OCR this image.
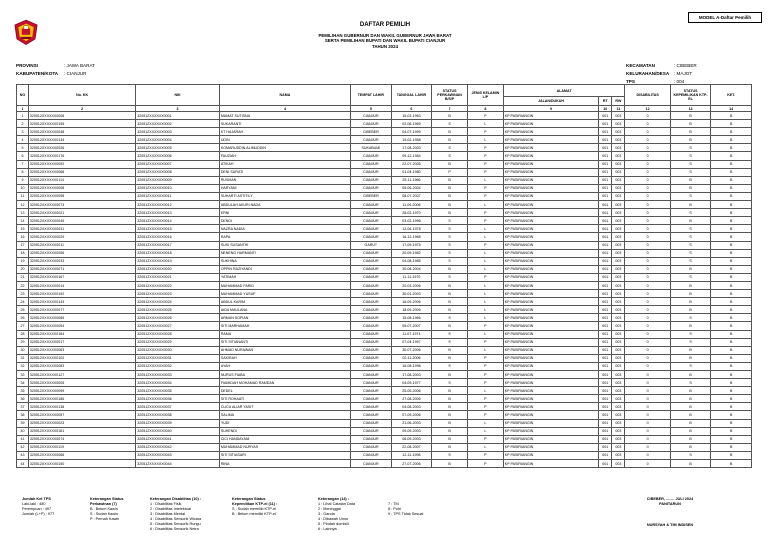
MODEL A-Daftar Pemilih
DAFTAR PEMILIH
PEMILIHAN GUBERNUR DAN WAKIL GUBERNUR JAWA BARAT
SERTA PEMILIHAN BUPATI DAN WAKIL BUPATI CIANJUR
TAHUN 2024
PROVINSI	: JAWA BARAT
KABUPATEN/KOTA	: CIANJUR
KECAMATAN	: CIBEBER
KELURAHAN/DESA	: MAJOT
TPS	: 004
NO	No. KK	NIK	NAMA	TEMPAT LAHIR	TANGGAL LAHIR	STATUS PERKAWINAN B/S/P	JENIS KELAMIN L/P	ALAMAT			DISABILITAS	STATUS KEPEMILIKAN KTP-EL	KET.
								JALAN/DUKUH	RT	RW			
1	2	3	4	5	6	7	8	9	10	11	12	13	14
1	320512XXXXXX0008	320512XXXXXX0001	MAMAT SUTISNA	CIANJUR	15-03-1963	B	P	KP PASIRIANGIN	001	003	0	B	B
2	320512XXXXXX0155	320512XXXXXX0002	SUKARANTI	CIANJUR	02-06-1969	S	L	KP PASIRIANGIN	001	003	0	B	B
3	320512XXXXXX0048	320512XXXXXX0003	KT HAJARAH	CIBEBER	04-07-1999	B	P	KP PASIRIANGIN	001	003	0	B	B
4	320512XXXXXX0134	320512XXXXXX0004	UDIN	CIANJUR	19-02-1958	B	L	KP PASIRIANGIN	001	003	0	B	B
5	320512XXXXXX0026	320512XXXXXX0005	KOMARUDDIN ALIMUDDIN	SUKABUMI	17-08-2003	S	P	KP PASIRIANGIN	001	003	0	S	B
6	320512XXXXXX0176	320512XXXXXX0006	FAUZIAH	CIANJUR	09-12-1984	S	P	KP PASIRIANGIN	001	003	0	S	B
7	320512XXXXXX0092	320512XXXXXX0007	ATIKAH	CIANJUR	22-07-2005	B	P	KP PASIRIANGIN	001	003	0	S	B
8	320512XXXXXX0068	320512XXXXXX0008	DENI SURATI	CIANJUR	01-04-1980	P	P	KP PASIRIANGIN	001	003	0	S	B
9	320512XXXXXX0114	320512XXXXXX0009	RUSMAN	CIANJUR	25-11-1966	B	L	KP PASIRIANGIN	001	003	0	B	B
10	320512XXXXXX0008	320512XXXXXX0010	HARYANI	CIANJUR	05-06-2004	B	P	KP PASIRIANGIN	001	003	0	B	B
11	320512XXXXXX0098	320512XXXXXX0011	SUHARTI ASTITILY	CIBEBER	08-07-2007	B	P	KP PASIRIANGIN	001	003	0	S	B
12	320512XXXXXX0073	320512XXXXXX0012	ABDULAH AKURI NADA	CIANJUR	11-09-2006	B	L	KP PASIRIANGIN	001	003	0	B	B
13	320512XXXXXX0021	320512XXXXXX0013	ERNI	CIANJUR	28-02-1970	B	P	KP PASIRIANGIN	001	003	0	S	B
14	320512XXXXXX0045	320512XXXXXX0014	DENDI	CIANJUR	03-02-1996	S	P	KP PASIRIANGIN	001	003	0	B	B
15	320512XXXXXX0031	320512XXXXXX0015	NAZRA NADIA	CIANJUR	12-06-1978	S	L	KP PASIRIANGIN	001	003	0	S	B
16	320512XXXXXX0029	320512XXXXXX0016	RAPA	CIANJUR	16-12-1968	S	L	KP PASIRIANGIN	001	003	0	S	B
17	320512XXXXXX0011	320512XXXXXX0017	SUSI SUSANTHI	GARUT	17-09-1975	S	P	KP PASIRIANGIN	001	003	0	S	B
18	320512XXXXXX0056	320512XXXXXX0018	NENENG HARMANTI	CIANJUR	20-09-1982	S	L	KP PASIRIANGIN	001	003	0	S	B
19	320512XXXXXX0033	320512XXXXXX0019	SUKHINA	CIANJUR	04-08-1985	S	L	KP PASIRIANGIN	001	003	0	S	B
20	320512XXXXXX0071	320512XXXXXX0020	OPPIN RAZIYANDI	CIANJUR	30-08-2004	B	L	KP PASIRIANGIN	001	003	0	B	B
21	320512XXXXXX0167	320512XXXXXX0021	YATIMAH	CIANJUR	11-11-1970	S	P	KP PASIRIANGIN	001	003	0	S	B
22	320512XXXXXX0014	320512XXXXXX0022	MUHAMMAD FARID	CIANJUR	20-03-2006	B	L	KP PASIRIANGIN	001	003	0	B	B
23	320512XXXXXX0192	320512XXXXXX0023	MUHAMMAD YUSUF	CIANJUR	30-01-2003	B	L	KP PASIRIANGIN	001	003	0	B	B
24	320512XXXXXX0143	320512XXXXXX0024	ABDUL KARIM	CIANJUR	16-09-2006	B	L	KP PASIRIANGIN	001	003	0	B	B
25	320512XXXXXX0077	320512XXXXXX0025	AIDA MAULANA	CIANJUR	18-09-2005	B	L	KP PASIRIANGIN	001	003	0	B	B
26	320512XXXXXX0089	320512XXXXXX0026	ARMAN SOPIAN	CIANJUR	15-08-1966	S	L	KP PASIRIANGIN	001	003	0	S	B
27	320512XXXXXX0054	320512XXXXXX0027	SITI MARHAMAH	CIANJUR	05-07-2007	B	P	KP PASIRIANGIN	001	003	0	B	B
28	320512XXXXXX0184	320512XXXXXX0028	RAMA	CIANJUR	11-07-1974	S	L	KP PASIRIANGIN	001	003	0	S	B
29	320512XXXXXX0017	320512XXXXXX0029	SITI SITIANANTI	CIANJUR	07-04-1997	S	P	KP PASIRIANGIN	001	003	0	S	B
30	320512XXXXXX0063	320512XXXXXX0030	AHMAD NURAWAN	CIANJUR	30-07-2006	B	L	KP PASIRIANGIN	001	003	0	B	B
31	320512XXXXXX0102	320512XXXXXX0031	SAKIRAH	CIANJUR	02-11-2006	B	P	KP PASIRIANGIN	001	003	0	B	B
32	320512XXXXXX0083	320512XXXXXX0032	AYAH	CIANJUR	16-08-1998	S	P	KP PASIRIANGIN	001	003	0	S	B
33	320512XXXXXX0127	320512XXXXXX0033	NURUS FIABA	CIANJUR	17-08-2003	B	P	KP PASIRIANGIN	001	003	0	B	B
34	320512XXXXXX0005	320512XXXXXX0034	FIAMIDAH MOHAMAD RAMDAN	CIANJUR	04-09-1977	S	P	KP PASIRIANGIN	001	003	0	S	B
35	320512XXXXXX0099	320512XXXXXX0035	DEDEL	CIANJUR	25-05-2006	B	L	KP PASIRIANGIN	001	003	0	B	B
36	320512XXXXXX0186	320512XXXXXX0036	SITI ROHAATI	CIANJUR	27-08-2005	B	P	KP PASIRIANGIN	001	003	0	B	B
37	320512XXXXXX0138	320512XXXXXX0037	CUCU ALIAR YASIT	CIANJUR	04-08-2003	B	P	KP PASIRIANGIN	001	003	0	B	B
38	320512XXXXXX0057	320512XXXXXX0038	SALIMA	CIANJUR	07-09-2006	B	P	KP PASIRIANGIN	001	003	0	B	B
39	320512XXXXXX0023	320512XXXXXX0039	YUDI	CIANJUR	21-06-2003	B	L	KP PASIRIANGIN	001	003	0	B	B
40	320512XXXXXX0161	320512XXXXXX0040	SUHENDI	CIANJUR	09-09-2003	B	L	KP PASIRIANGIN	001	003	0	B	B
41	320512XXXXXX0074	320512XXXXXX0041	CICI HANDAYANI	CIANJUR	06-09-2003	B	P	KP PASIRIANGIN	001	003	0	B	B
42	320512XXXXXX0119	320512XXXXXX0042	MUHAMMAD NURYAS	CIANJUR	22-08-2007	B	L	KP PASIRIANGIN	001	003	0	B	B
43	320512XXXXXX0066	320512XXXXXX0043	SITI SITIASARI	CIANJUR	12-11-1998	S	P	KP PASIRIANGIN	001	003	0	S	B
44	320512XXXXXX0150	320512XXXXXX0044	RINA	CIANJUR	27-07-2006	B	P	KP PASIRIANGIN	001	003	0	B	B
Jumlah Ket TPS
Laki-laki : 480
Perempuan : 497
Jumlah (L+P) : 977
Keterangan Status
Perkawinan (7)
B : Belum Kawin
S : Sudah Kawin
P : Pernah Kawin
Keterangan Disabilitas (10) :
1 : Disabilitas Fisik
2 : Disabilitas Intelektual
3 : Disabilitas Mental
4 : Disabilitas Sensorik Wicara
5 : Disabilitas Sensorik Rungu
6 : Disabilitas Sensorik Netra
Keterangan Status
Kepemilikan KTP-el (11) :
S : Sudah memiliki KTP-el
B : Belum memiliki KTP-el
Keterangan (14) :
1 : Lihat Catatan Data
2 : Meninggal
3 : Ganda
4 : Dibawah Umur
5 : Pindah domisili
6 : Lainnya
7 : TM
8 : Polri
9 : TPS Tidak Sesuai
CIBEBER, ........ JULI 2024
PANITARUN
NURSYAH & TIM INDISEN
